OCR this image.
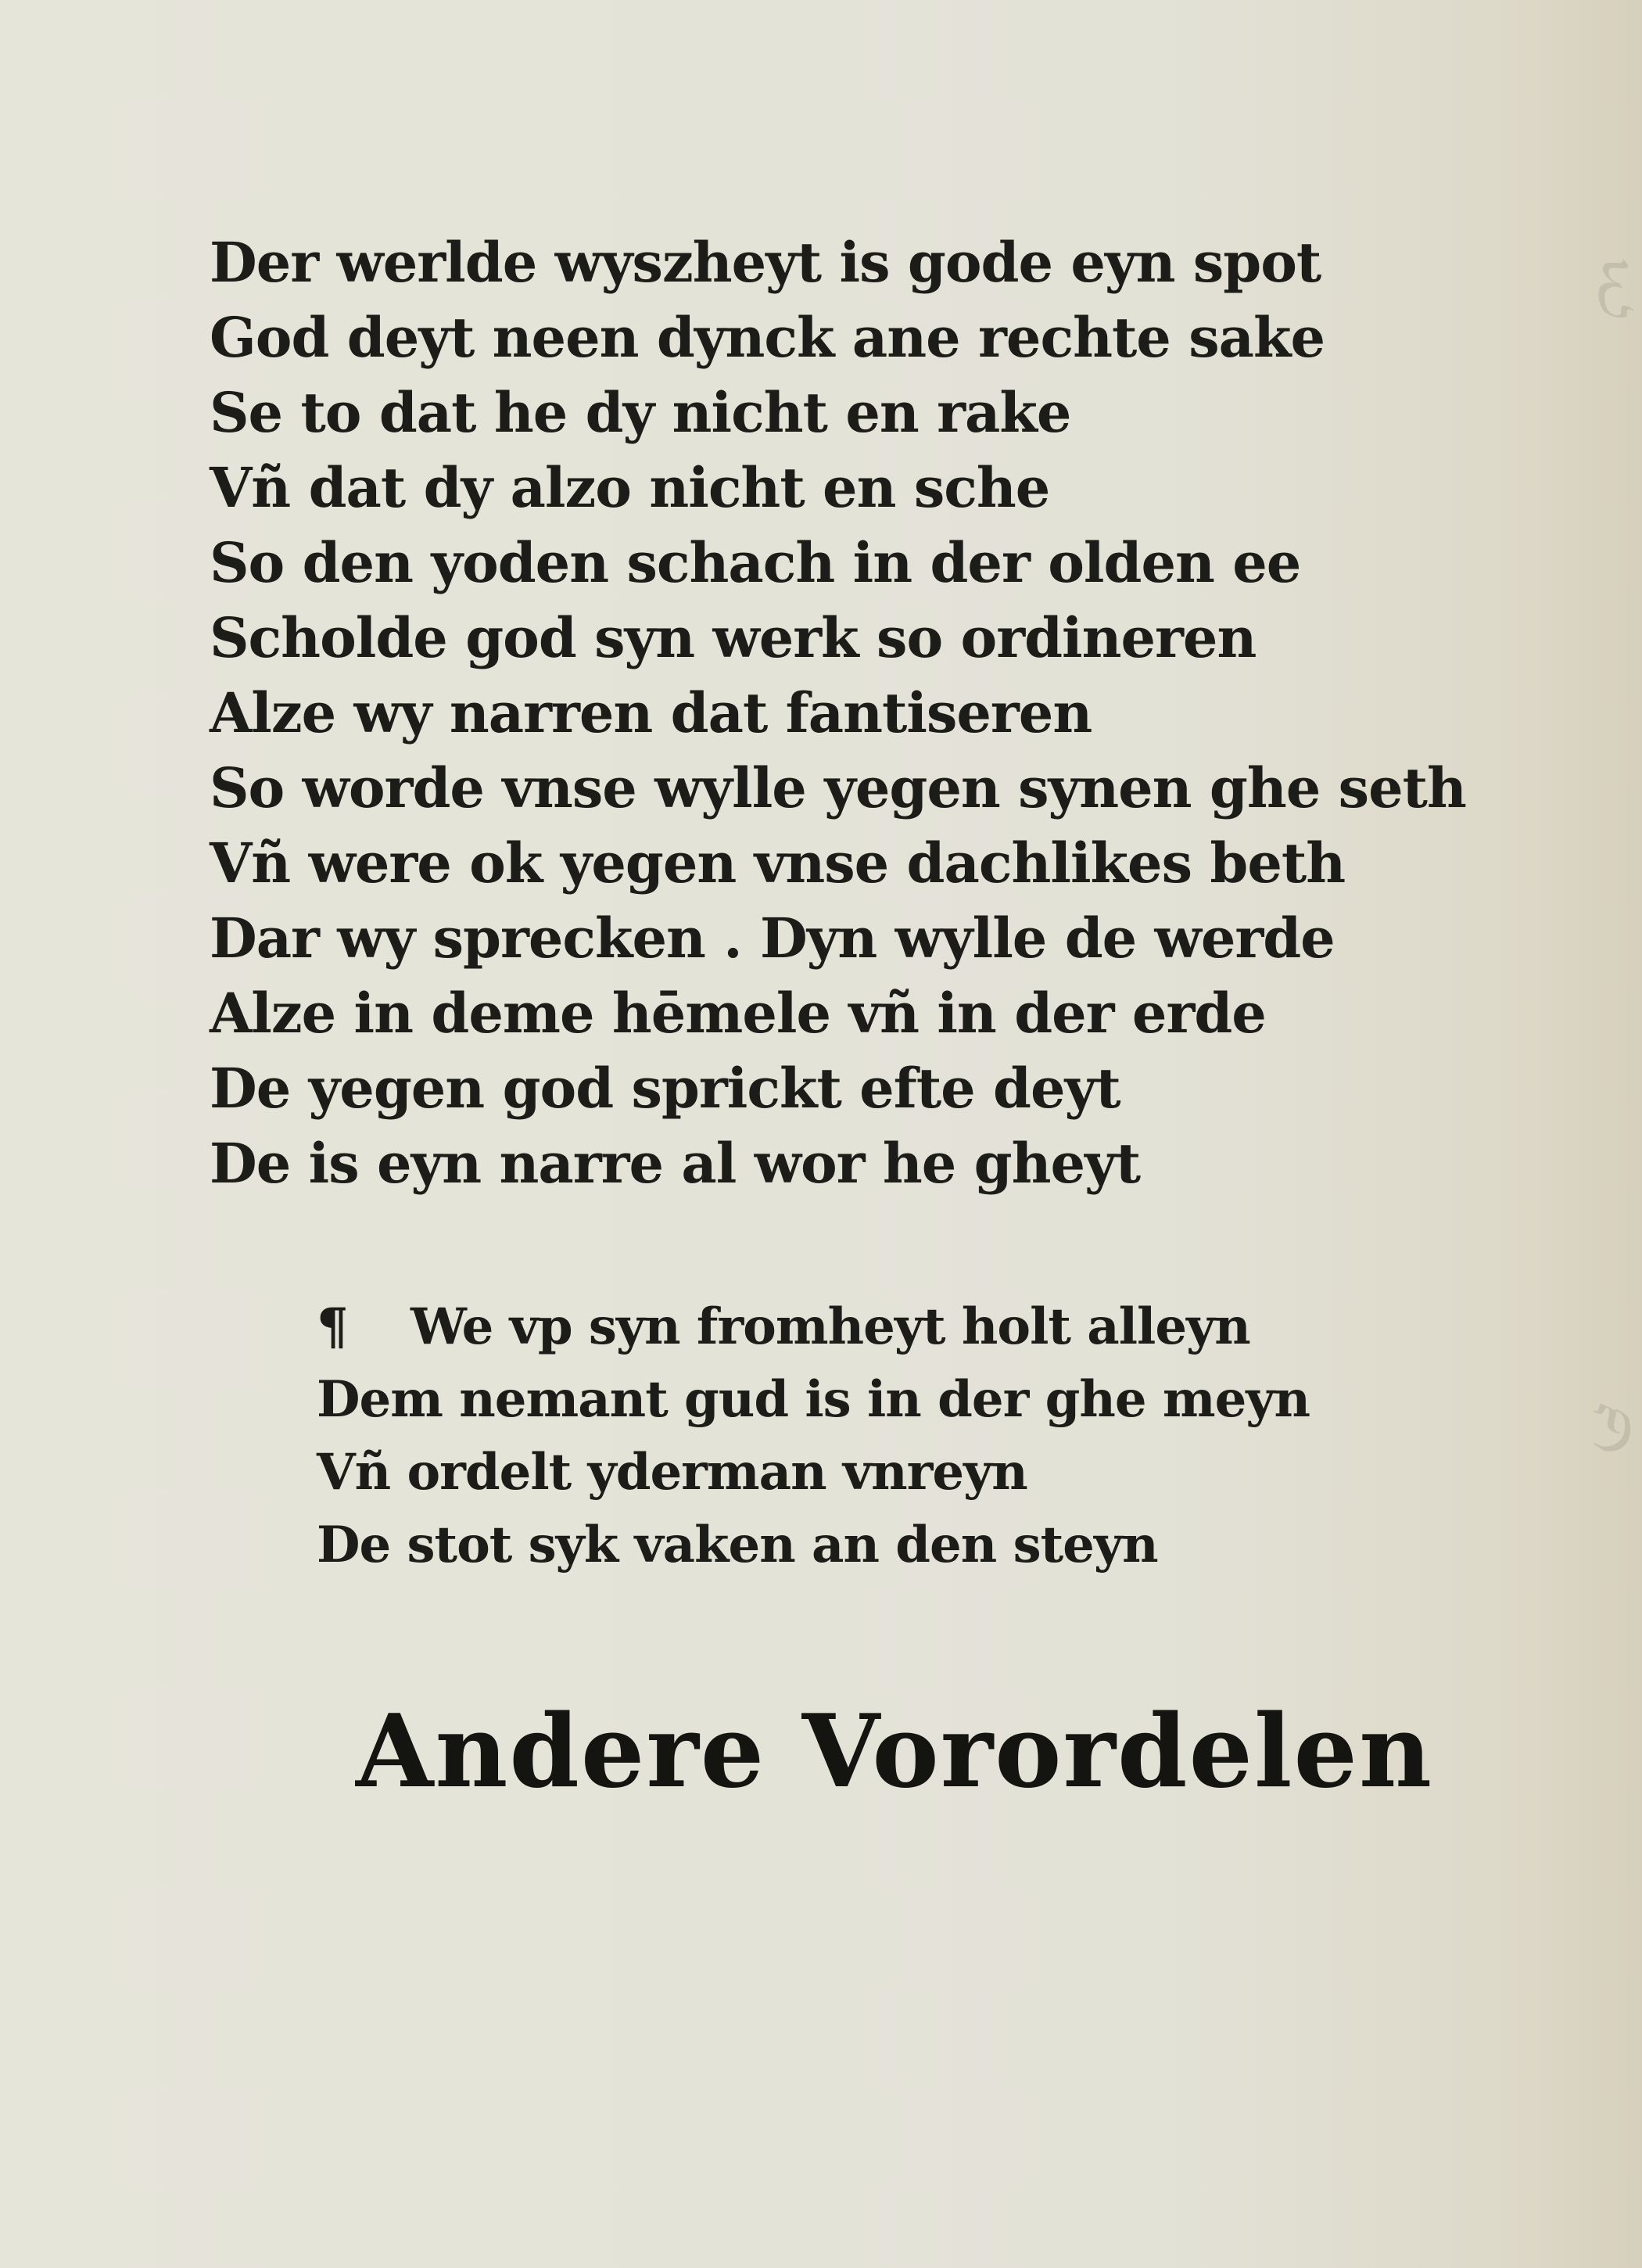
ℨ
ℭ
Der werlde wyszheyt is gode eyn spot
God deyt neen dynck ane rechte sake
Se to dat he dy nicht en rake
Vñ dat dy alzo nicht en sche
So den yoden schach in der olden ee
Scholde god syn werk so ordineren
Alze wy narren dat fantiseren
So worde vnse wylle yegen synen ghe seth
Vñ were ok yegen vnse dachlikes beth
Dar wy sprecken . Dyn wylle de werde
Alze in deme hēmele vñ in der erde
De yegen god sprickt efte deyt
De is eyn narre al wor he gheyt
¶ We vp syn fromheyt holt alleyn
Dem nemant gud is in der ghe meyn
Vñ ordelt yderman vnreyn
De stot syk vaken an den steyn
Andere Vorordelen
